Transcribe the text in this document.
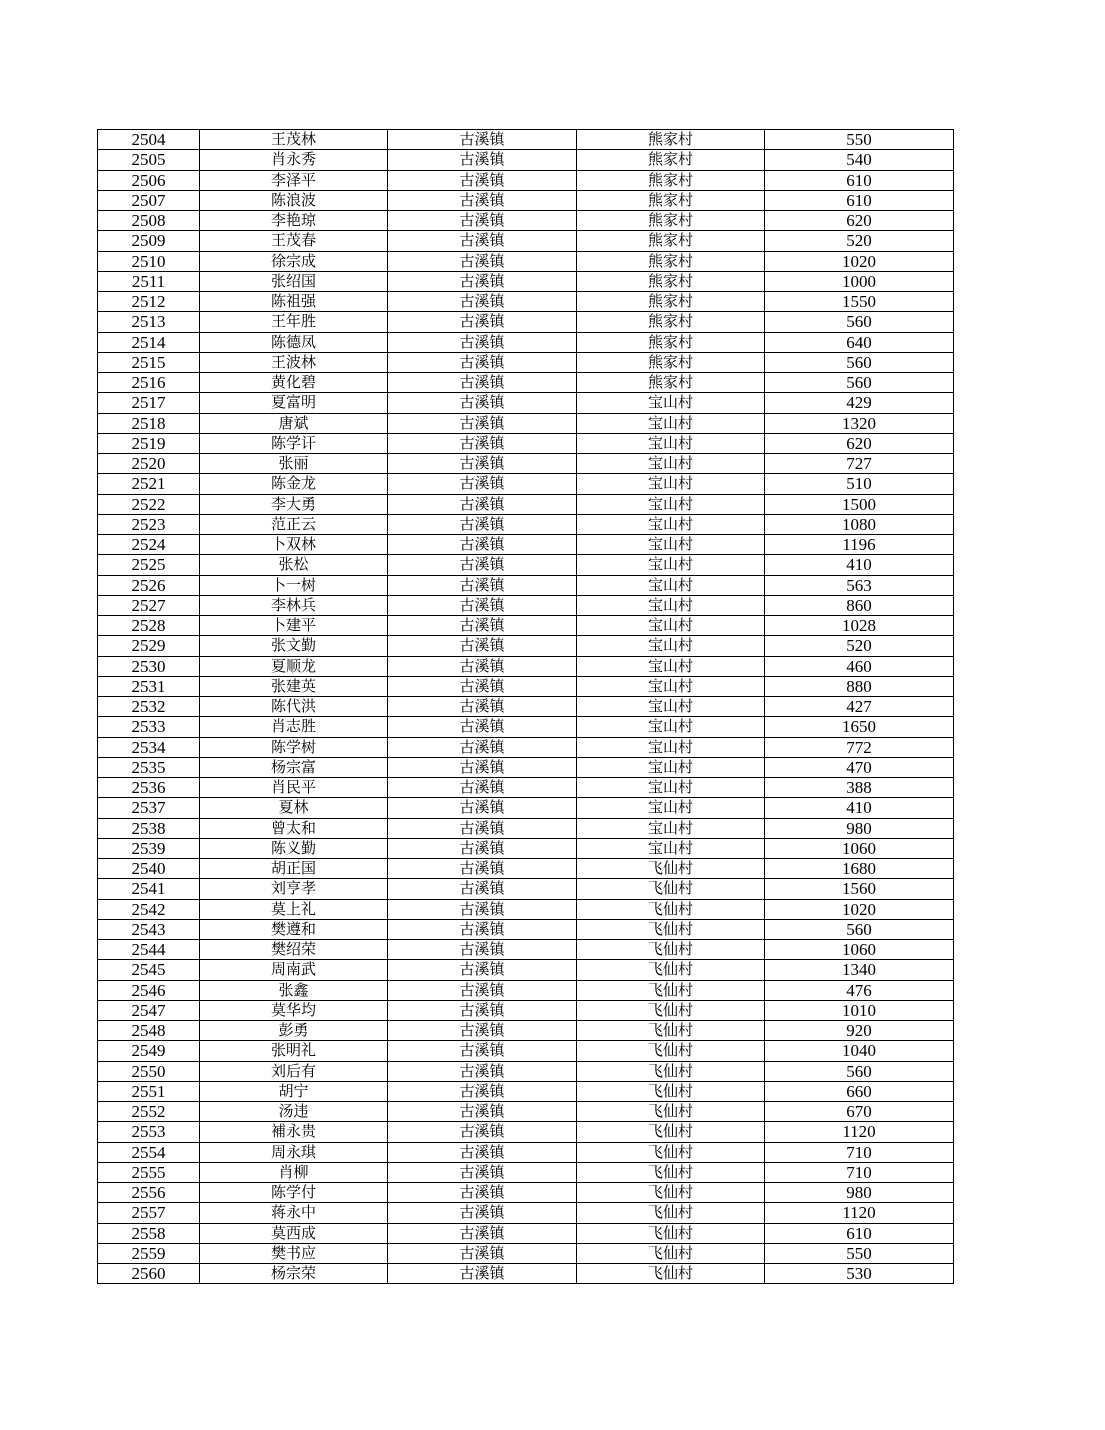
2504	王茂林	古溪镇	熊家村	550
2505	肖永秀	古溪镇	熊家村	540
2506	李泽平	古溪镇	熊家村	610
2507	陈浪波	古溪镇	熊家村	610
2508	李艳琼	古溪镇	熊家村	620
2509	王茂春	古溪镇	熊家村	520
2510	徐宗成	古溪镇	熊家村	1020
2511	张绍国	古溪镇	熊家村	1000
2512	陈祖强	古溪镇	熊家村	1550
2513	王年胜	古溪镇	熊家村	560
2514	陈德凤	古溪镇	熊家村	640
2515	王波林	古溪镇	熊家村	560
2516	黄化碧	古溪镇	熊家村	560
2517	夏富明	古溪镇	宝山村	429
2518	唐斌	古溪镇	宝山村	1320
2519	陈学讦	古溪镇	宝山村	620
2520	张丽	古溪镇	宝山村	727
2521	陈金龙	古溪镇	宝山村	510
2522	李大勇	古溪镇	宝山村	1500
2523	范正云	古溪镇	宝山村	1080
2524	卜双林	古溪镇	宝山村	1196
2525	张松	古溪镇	宝山村	410
2526	卜一树	古溪镇	宝山村	563
2527	李林兵	古溪镇	宝山村	860
2528	卜建平	古溪镇	宝山村	1028
2529	张文勤	古溪镇	宝山村	520
2530	夏顺龙	古溪镇	宝山村	460
2531	张建英	古溪镇	宝山村	880
2532	陈代洪	古溪镇	宝山村	427
2533	肖志胜	古溪镇	宝山村	1650
2534	陈学树	古溪镇	宝山村	772
2535	杨宗富	古溪镇	宝山村	470
2536	肖民平	古溪镇	宝山村	388
2537	夏林	古溪镇	宝山村	410
2538	曾太和	古溪镇	宝山村	980
2539	陈义勤	古溪镇	宝山村	1060
2540	胡正国	古溪镇	飞仙村	1680
2541	刘亨孝	古溪镇	飞仙村	1560
2542	莫上礼	古溪镇	飞仙村	1020
2543	樊遵和	古溪镇	飞仙村	560
2544	樊绍荣	古溪镇	飞仙村	1060
2545	周南武	古溪镇	飞仙村	1340
2546	张鑫	古溪镇	飞仙村	476
2547	莫华均	古溪镇	飞仙村	1010
2548	彭勇	古溪镇	飞仙村	920
2549	张明礼	古溪镇	飞仙村	1040
2550	刘后有	古溪镇	飞仙村	560
2551	胡宁	古溪镇	飞仙村	660
2552	汤违	古溪镇	飞仙村	670
2553	補永贵	古溪镇	飞仙村	1120
2554	周永琪	古溪镇	飞仙村	710
2555	肖柳	古溪镇	飞仙村	710
2556	陈学付	古溪镇	飞仙村	980
2557	蒋永中	古溪镇	飞仙村	1120
2558	莫西成	古溪镇	飞仙村	610
2559	樊书应	古溪镇	飞仙村	550
2560	杨宗荣	古溪镇	飞仙村	530
